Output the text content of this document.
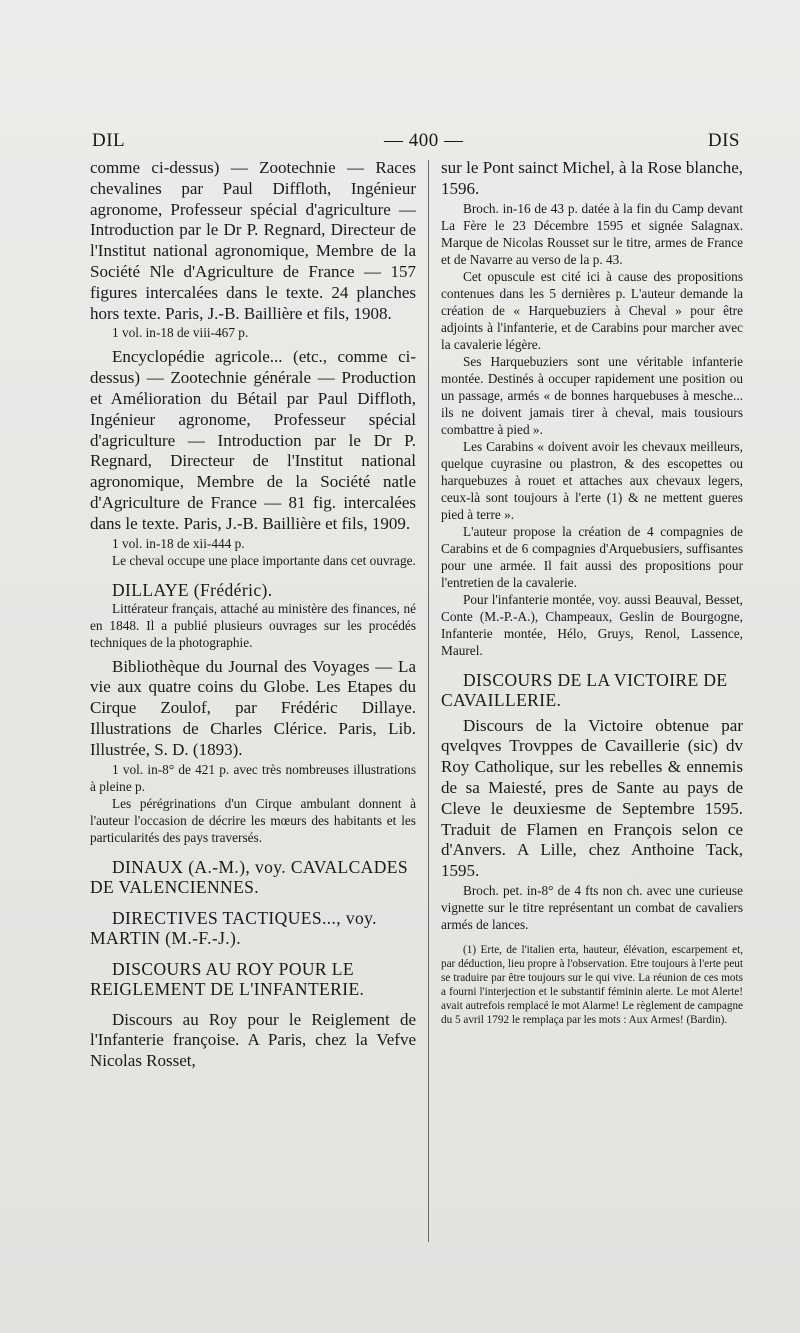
DIL	— 400 —	DIS

comme ci-dessus) — Zootechnie — Races chevalines par Paul Diffloth, Ingénieur agronome, Professeur spécial d'agriculture — Introduction par le Dr P. Regnard, Directeur de l'Institut national agronomique, Membre de la Société Nle d'Agriculture de France — 157 figures intercalées dans le texte. 24 planches hors texte. Paris, J.-B. Baillière et fils, 1908.

1 vol. in-18 de viii-467 p.

Encyclopédie agricole... (etc., comme ci-dessus) — Zootechnie générale — Production et Amélioration du Bétail par Paul Diffloth, Ingénieur agronome, Professeur spécial d'agriculture — Introduction par le Dr P. Regnard, Directeur de l'Institut national agronomique, Membre de la Société natle d'Agriculture de France — 81 fig. intercalées dans le texte. Paris, J.-B. Baillière et fils, 1909.

1 vol. in-18 de xii-444 p.

Le cheval occupe une place importante dans cet ouvrage.

DILLAYE (Frédéric).

Littérateur français, attaché au ministère des finances, né en 1848. Il a publié plusieurs ouvrages sur les procédés techniques de la photographie.

Bibliothèque du Journal des Voyages — La vie aux quatre coins du Globe. Les Etapes du Cirque Zoulof, par Frédéric Dillaye. Illustrations de Charles Clérice. Paris, Lib. Illustrée, S. D. (1893).

1 vol. in-8° de 421 p. avec très nombreuses illustrations à pleine p.

Les pérégrinations d'un Cirque ambulant donnent à l'auteur l'occasion de décrire les mœurs des habitants et les particularités des pays traversés.

DINAUX (A.-M.), voy. CAVALCADES DE VALENCIENNES.

DIRECTIVES TACTIQUES..., voy. MARTIN (M.-F.-J.).

DISCOURS AU ROY POUR LE REIGLEMENT DE L'INFANTERIE.

Discours au Roy pour le Reiglement de l'Infanterie françoise. A Paris, chez la Vefve Nicolas Rosset,

sur le Pont sainct Michel, à la Rose blanche, 1596.

Broch. in-16 de 43 p. datée à la fin du Camp devant La Fère le 23 Décembre 1595 et signée Salagnax. Marque de Nicolas Rousset sur le titre, armes de France et de Navarre au verso de la p. 43.

Cet opuscule est cité ici à cause des propositions contenues dans les 5 dernières p. L'auteur demande la création de « Harquebuziers à Cheval » pour être adjoints à l'infanterie, et de Carabins pour marcher avec la cavalerie légère.

Ses Harquebuziers sont une véritable infanterie montée. Destinés à occuper rapidement une position ou un passage, armés « de bonnes harquebuses à mesche... ils ne doivent jamais tirer à cheval, mais tousiours combattre à pied ».

Les Carabins « doivent avoir les chevaux meilleurs, quelque cuyrasine ou plastron, & des escopettes ou harquebuzes à rouet et attaches aux chevaux legers, ceux-là sont toujours à l'erte (1) & ne mettent gueres pied à terre ».

L'auteur propose la création de 4 compagnies de Carabins et de 6 compagnies d'Arquebusiers, suffisantes pour une armée. Il fait aussi des propositions pour l'entretien de la cavalerie.

Pour l'infanterie montée, voy. aussi Beauval, Besset, Conte (M.-P.-A.), Champeaux, Geslin de Bourgogne, Infanterie montée, Hélo, Gruys, Renol, Lassence, Maurel.

DISCOURS DE LA VICTOIRE DE CAVAILLERIE.

Discours de la Victoire obtenue par qvelqves Trovppes de Cavaillerie (sic) dv Roy Catholique, sur les rebelles & ennemis de sa Maiesté, pres de Sante au pays de Cleve le deuxiesme de Septembre 1595. Traduit de Flamen en François selon ce d'Anvers. A Lille, chez Anthoine Tack, 1595.

Broch. pet. in-8° de 4 fts non ch. avec une curieuse vignette sur le titre représentant un combat de cavaliers armés de lances.

(1) Erte, de l'italien erta, hauteur, élévation, escarpement et, par déduction, lieu propre à l'observation. Etre toujours à l'erte peut se traduire par être toujours sur le qui vive. La réunion de ces mots a fourni l'interjection et le substantif féminin alerte. Le mot Alerte! avait autrefois remplacé le mot Alarme! Le règlement de campagne du 5 avril 1792 le remplaça par les mots : Aux Armes! (Bardin).
